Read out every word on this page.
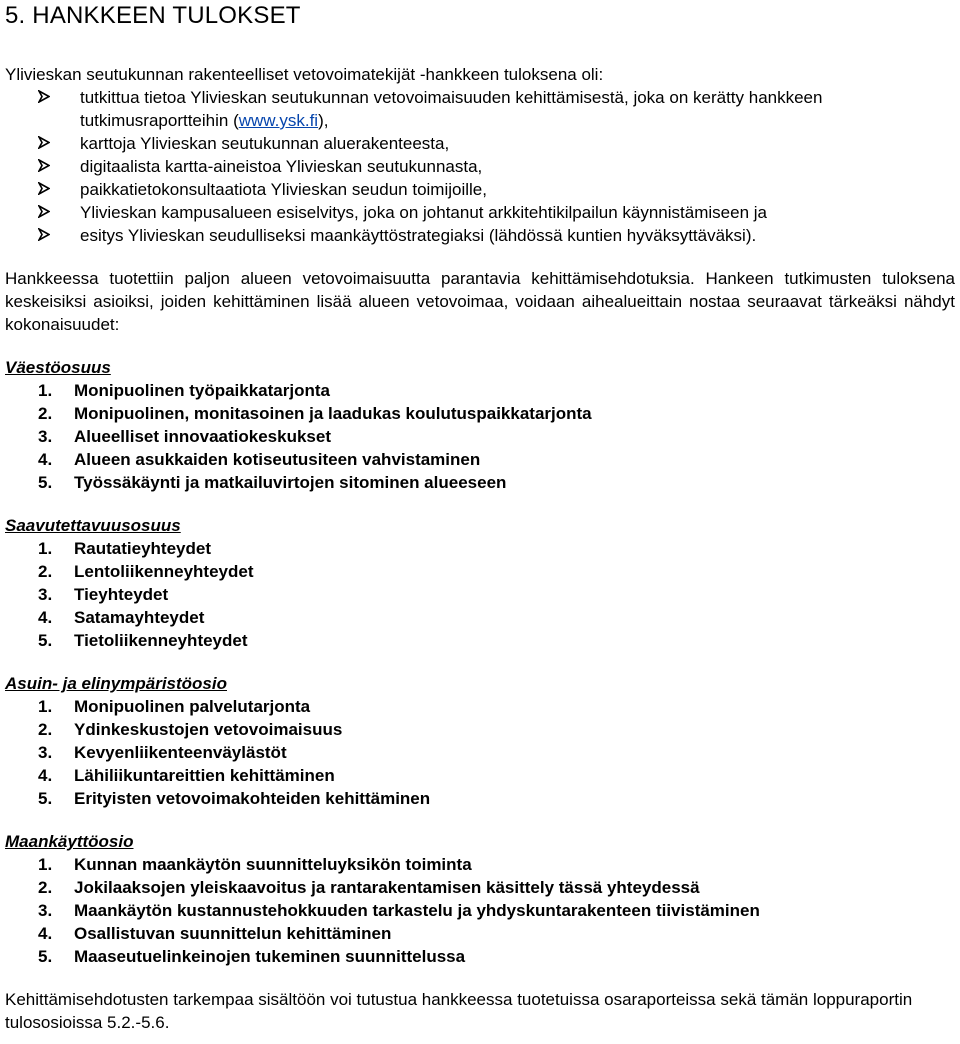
5. HANKKEEN TULOKSET

Ylivieskan seutukunnan rakenteelliset vetovoimatekijät -hankkeen tuloksena oli:

tutkittua tietoa Ylivieskan seutukunnan vetovoimaisuuden kehittämisestä, joka on kerätty hankkeen tutkimusraportteihin (www.ysk.fi),
karttoja Ylivieskan seutukunnan aluerakenteesta,
digitaalista kartta-aineistoa Ylivieskan seutukunnasta,
paikkatietokonsultaatiota Ylivieskan seudun toimijoille,
Ylivieskan kampusalueen esiselvitys, joka on johtanut arkkitehtikilpailun käynnistämiseen ja
esitys Ylivieskan seudulliseksi maankäyttöstrategiaksi (lähdössä kuntien hyväksyttäväksi).

Hankkeessa tuotettiin paljon alueen vetovoimaisuutta parantavia kehittämisehdotuksia. Hankeen tutkimusten tuloksena keskeisiksi asioiksi, joiden kehittäminen lisää alueen vetovoimaa, voidaan aihealueittain nostaa seuraavat tärkeäksi nähdyt kokonaisuudet:

Väestöosuus
1. Monipuolinen työpaikkatarjonta
2. Monipuolinen, monitasoinen ja laadukas koulutuspaikkatarjonta
3. Alueelliset innovaatiokeskukset
4. Alueen asukkaiden kotiseutusiteen vahvistaminen
5. Työssäkäynti ja matkailuvirtojen sitominen alueeseen
Saavutettavuusosuus
1. Rautatieyhteydet
2. Lentoliikenneyhteydet
3. Tieyhteydet
4. Satamayhteydet
5. Tietoliikenneyhteydet
Asuin- ja elinympäristöosio
1. Monipuolinen palvelutarjonta
2. Ydinkeskustojen vetovoimaisuus
3. Kevyenliikenteenväylästöt
4. Lähiliikuntareittien kehittäminen
5. Erityisten vetovoimakohteiden kehittäminen
Maankäyttöosio
1. Kunnan maankäytön suunnitteluyksikön toiminta
2. Jokilaaksojen yleiskaavoitus ja rantarakentamisen käsittely tässä yhteydessä
3. Maankäytön kustannustehokkuuden tarkastelu ja yhdyskuntarakenteen tiivistäminen
4. Osallistuvan suunnittelun kehittäminen
5. Maaseutuelinkeinojen tukeminen suunnittelussa

Kehittämisehdotusten tarkempaa sisältöön voi tutustua hankkeessa tuotetuissa osaraporteissa sekä tämän loppuraportin tulososioissa 5.2.-5.6.
